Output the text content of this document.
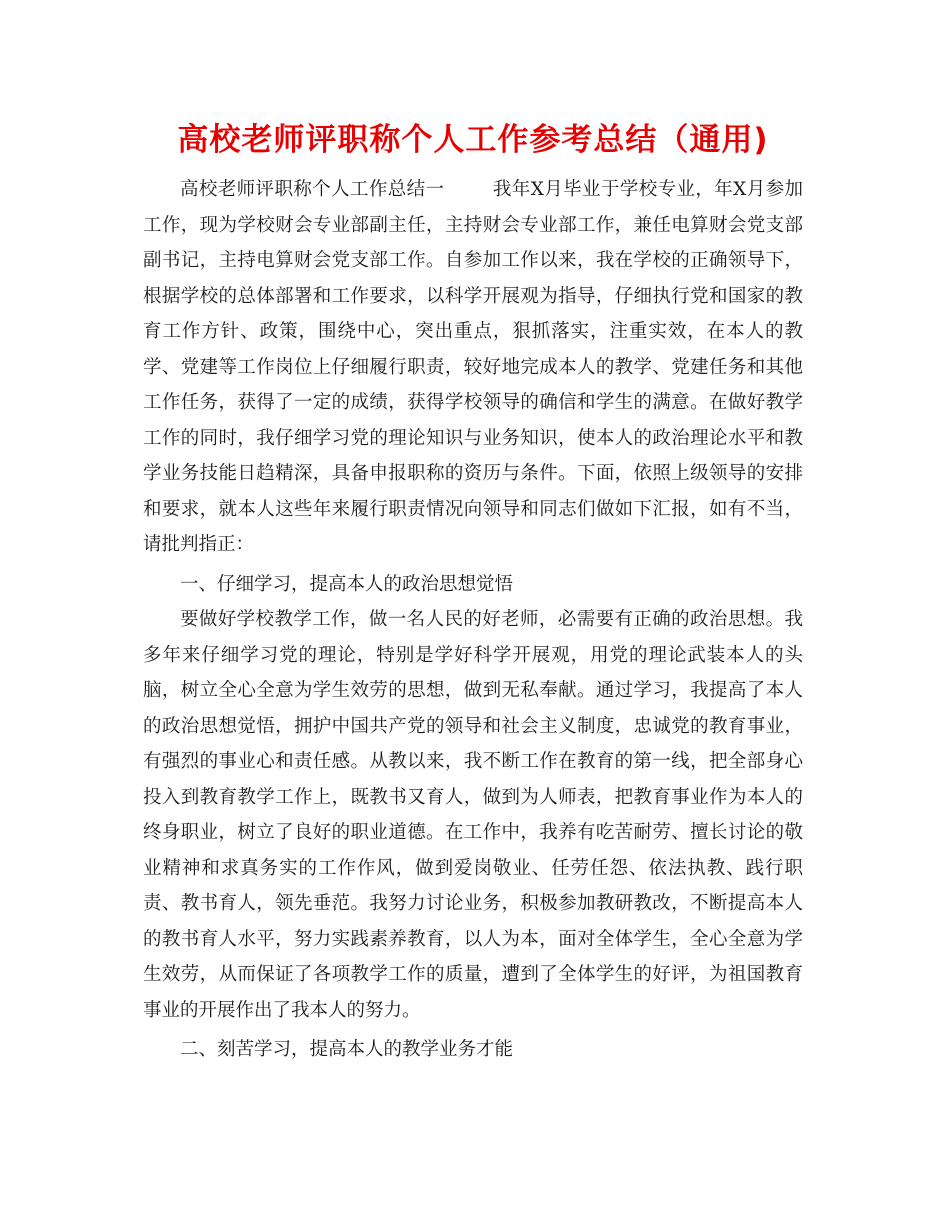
高校老师评职称个人工作参考总结（通用)

高校老师评职称个人工作总结一	我年X月毕业于学校专业，年X月参加工作，现为学校财会专业部副主任，主持财会专业部工作，兼任电算财会党支部副书记，主持电算财会党支部工作。自参加工作以来，我在学校的正确领导下，根据学校的总体部署和工作要求，以科学开展观为指导，仔细执行党和国家的教育工作方针、政策，围绕中心，突出重点，狠抓落实，注重实效，在本人的教学、党建等工作岗位上仔细履行职责，较好地完成本人的教学、党建任务和其他工作任务，获得了一定的成绩，获得学校领导的确信和学生的满意。在做好教学工作的同时，我仔细学习党的理论知识与业务知识，使本人的政治理论水平和教学业务技能日趋精深，具备申报职称的资历与条件。下面，依照上级领导的安排和要求，就本人这些年来履行职责情况向领导和同志们做如下汇报，如有不当，请批判指正：

一、仔细学习，提高本人的政治思想觉悟

要做好学校教学工作，做一名人民的好老师，必需要有正确的政治思想。我多年来仔细学习党的理论，特别是学好科学开展观，用党的理论武装本人的头脑，树立全心全意为学生效劳的思想，做到无私奉献。通过学习，我提高了本人的政治思想觉悟，拥护中国共产党的领导和社会主义制度，忠诚党的教育事业，有强烈的事业心和责任感。从教以来，我不断工作在教育的第一线，把全部身心投入到教育教学工作上，既教书又育人，做到为人师表，把教育事业作为本人的终身职业，树立了良好的职业道德。在工作中，我养有吃苦耐劳、擅长讨论的敬业精神和求真务实的工作作风，做到爱岗敬业、任劳任怨、依法执教、践行职责、教书育人，领先垂范。我努力讨论业务，积极参加教研教改，不断提高本人的教书育人水平，努力实践素养教育，以人为本，面对全体学生，全心全意为学生效劳，从而保证了各项教学工作的质量，遭到了全体学生的好评，为祖国教育事业的开展作出了我本人的努力。

二、刻苦学习，提高本人的教学业务才能
